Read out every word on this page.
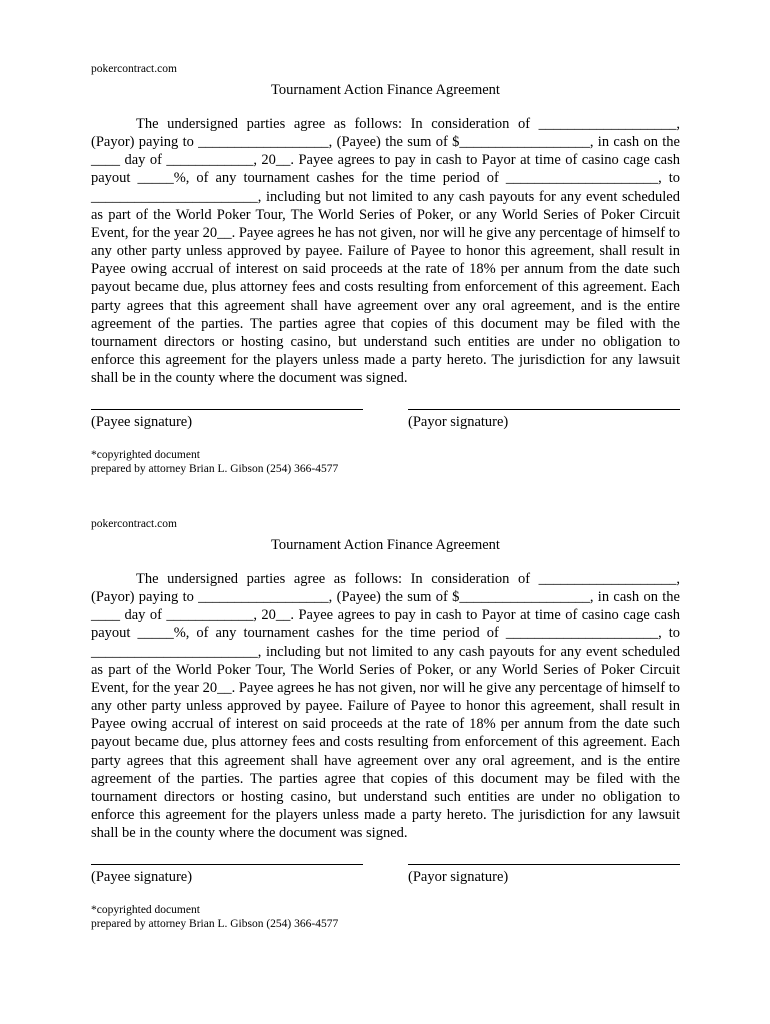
pokercontract.com
Tournament Action Finance Agreement

The undersigned parties agree as follows: In consideration of ___________________, (Payor) paying to __________________, (Payee) the sum of $__________________, in cash on the ____ day of ____________, 20__. Payee agrees to pay in cash to Payor at time of casino cage cash payout _____%, of any tournament cashes for the time period of _____________________, to _______________________, including but not limited to any cash payouts for any event scheduled as part of the World Poker Tour, The World Series of Poker, or any World Series of Poker Circuit Event, for the year 20__. Payee agrees he has not given, nor will he give any percentage of himself to any other party unless approved by payee. Failure of Payee to honor this agreement, shall result in Payee owing accrual of interest on said proceeds at the rate of 18% per annum from the date such payout became due, plus attorney fees and costs resulting from enforcement of this agreement. Each party agrees that this agreement shall have agreement over any oral agreement, and is the entire agreement of the parties. The parties agree that copies of this document may be filed with the tournament directors or hosting casino, but understand such entities are under no obligation to enforce this agreement for the players unless made a party hereto. The jurisdiction for any lawsuit shall be in the county where the document was signed.

(Payee signature)	(Payor signature)
*copyrighted document
prepared by attorney Brian L. Gibson (254) 366-4577
pokercontract.com
Tournament Action Finance Agreement

The undersigned parties agree as follows: In consideration of ___________________, (Payor) paying to __________________, (Payee) the sum of $__________________, in cash on the ____ day of ____________, 20__. Payee agrees to pay in cash to Payor at time of casino cage cash payout _____%, of any tournament cashes for the time period of _____________________, to _______________________, including but not limited to any cash payouts for any event scheduled as part of the World Poker Tour, The World Series of Poker, or any World Series of Poker Circuit Event, for the year 20__. Payee agrees he has not given, nor will he give any percentage of himself to any other party unless approved by payee. Failure of Payee to honor this agreement, shall result in Payee owing accrual of interest on said proceeds at the rate of 18% per annum from the date such payout became due, plus attorney fees and costs resulting from enforcement of this agreement. Each party agrees that this agreement shall have agreement over any oral agreement, and is the entire agreement of the parties. The parties agree that copies of this document may be filed with the tournament directors or hosting casino, but understand such entities are under no obligation to enforce this agreement for the players unless made a party hereto. The jurisdiction for any lawsuit shall be in the county where the document was signed.

(Payee signature)	(Payor signature)
*copyrighted document
prepared by attorney Brian L. Gibson (254) 366-4577
